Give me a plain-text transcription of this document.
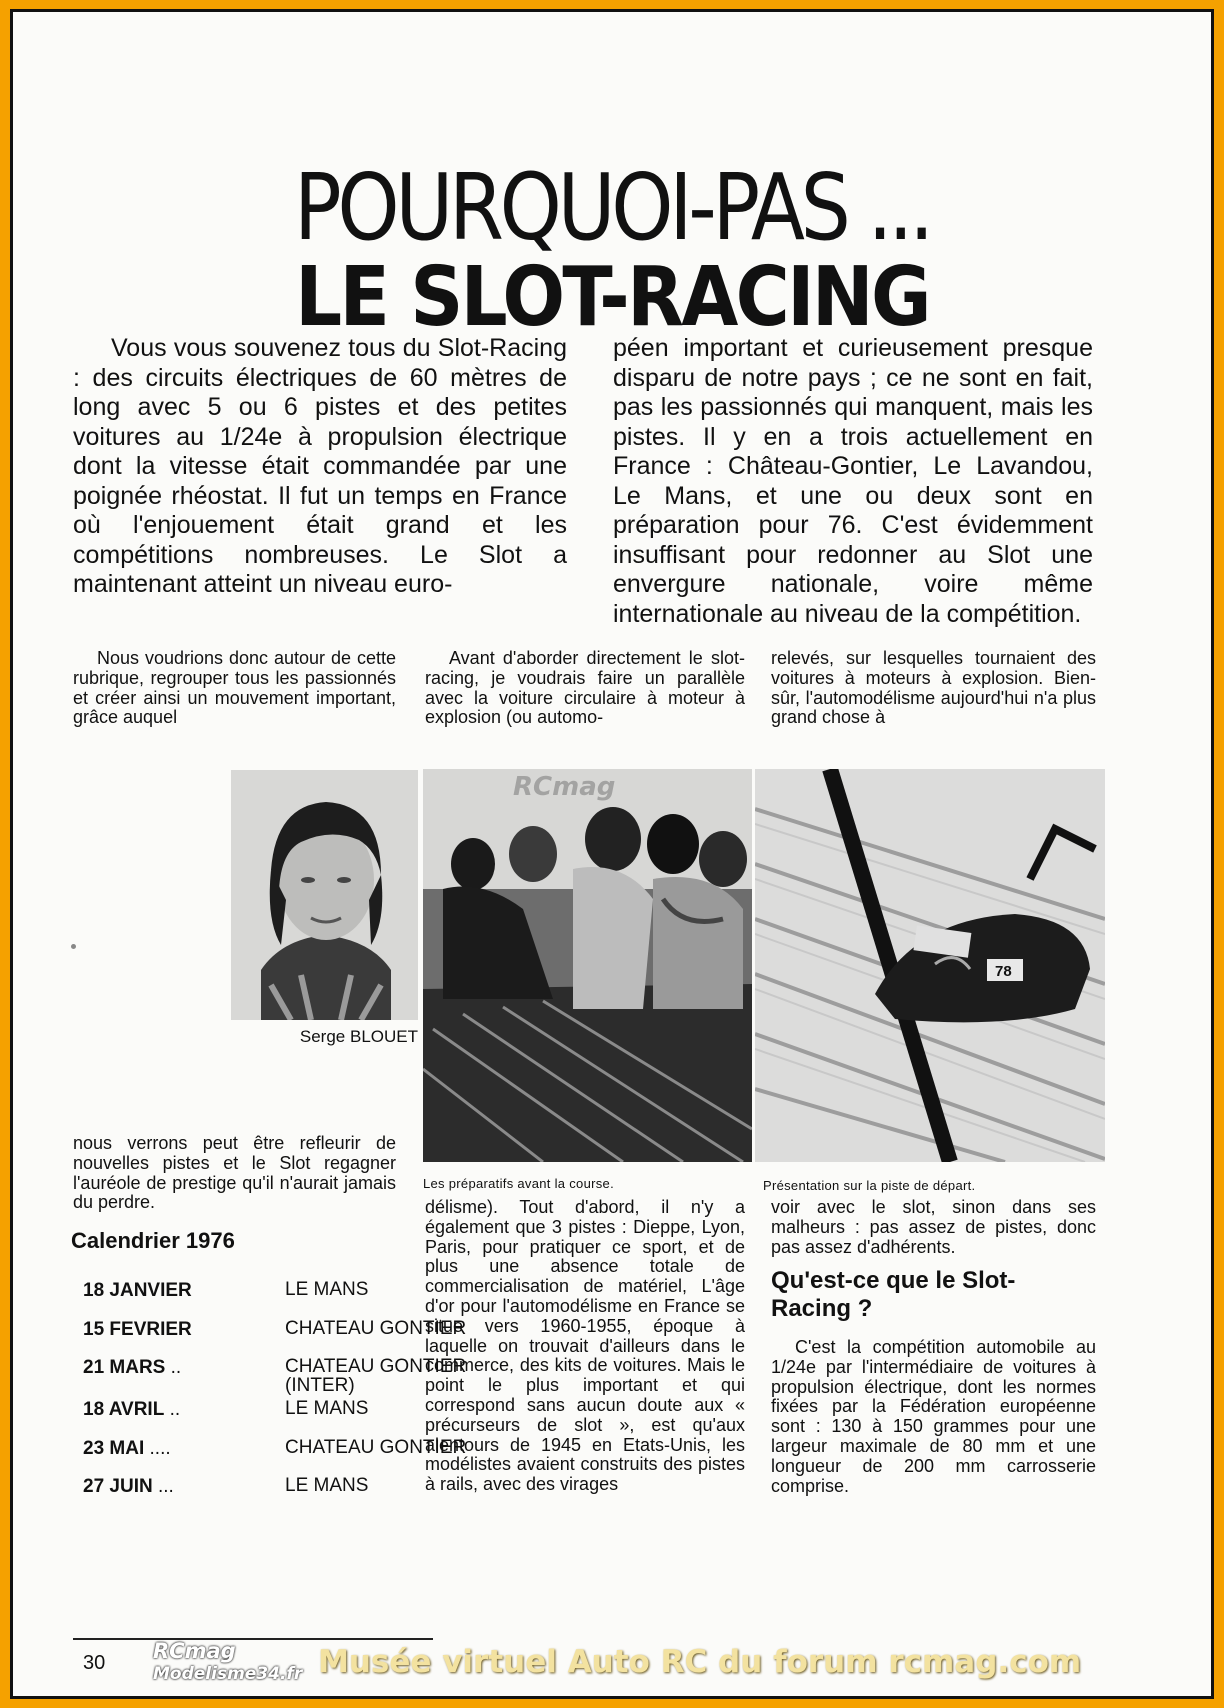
POURQUOI-PAS ...
LE SLOT-RACING

Vous vous souvenez tous du Slot-Racing : des circuits électriques de 60 mètres de long avec 5 ou 6 pistes et des petites voitures au 1/24e à propulsion électrique dont la vitesse était commandée par une poignée rhéostat. Il fut un temps en France où l'enjouement était grand et les compétitions nombreuses. Le Slot a maintenant atteint un niveau euro-

péen important et curieusement presque disparu de notre pays ; ce ne sont en fait, pas les passionnés qui manquent, mais les pistes. Il y en a trois actuellement en France : Château-Gontier, Le Lavandou, Le Mans, et une ou deux sont en préparation pour 76. C'est évidemment insuffisant pour redonner au Slot une envergure nationale, voire même internationale au niveau de la compétition.

Nous voudrions donc autour de cette rubrique, regrouper tous les passionnés et créer ainsi un mouvement important, grâce auquel

Avant d'aborder directement le slot-racing, je voudrais faire un parallèle avec la voiture circulaire à moteur à explosion (ou automo-

relevés, sur lesquelles tournaient des voitures à moteurs à explosion. Bien-sûr, l'automodélisme aujourd'hui n'a plus grand chose à

Serge BLOUET
Les préparatifs avant la course.
78
Présentation sur la piste de départ.

nous verrons peut être refleurir de nouvelles pistes et le Slot regagner l'auréole de prestige qu'il n'aurait jamais du perdre.	délisme). Tout d'abord, il n'y a également que 3 pistes : Dieppe, Lyon, Paris, pour pratiquer ce sport, et de plus une absence totale de commercialisation de matériel, L'âge d'or pour l'automodélisme en France se situe vers 1960-1955, époque à laquelle on trouvait d'ailleurs dans le commerce, des kits de voitures. Mais le point le plus important et qui correspond sans aucun doute aux « précurseurs de slot », est qu'aux alentours de 1945 en Etats-Unis, les modélistes avaient construits des pistes à rails, avec des virages

voir avec le slot, sinon dans ses malheurs : pas assez de pistes, donc pas assez d'adhérents.

Qu'est-ce que le Slot-Racing ?

C'est la compétition automobile au 1/24e par l'intermédiaire de voitures à propulsion électrique, dont les normes fixées par la Fédération européenne sont : 130 à 150 grammes pour une largeur maximale de 80 mm et une longueur de 200 mm carrosserie comprise.

Calendrier 1976
18 JANVIER	LE MANS
15 FEVRIER	CHATEAU GONTIER
21 MARS ..	CHATEAU GONTIER (INTER)
18 AVRIL ..	LE MANS
23 MAI ....	CHATEAU GONTIER
27 JUIN ...	LE MANS
30
RCmag
RCmag
Modelisme34.fr Musée virtuel Auto RC du forum rcmag.com
